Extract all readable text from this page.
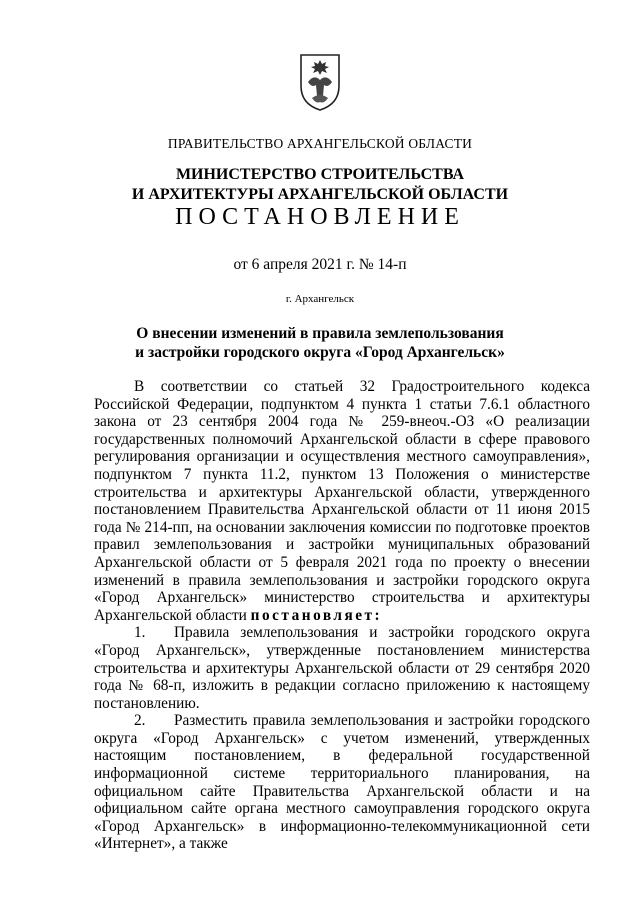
ПРАВИТЕЛЬСТВО АРХАНГЕЛЬСКОЙ ОБЛАСТИ
МИНИСТЕРСТВО СТРОИТЕЛЬСТВА
И АРХИТЕКТУРЫ АРХАНГЕЛЬСКОЙ ОБЛАСТИ
ПОСТАНОВЛЕНИЕ
от 6 апреля 2021 г. № 14-п
г. Архангельск
О внесении изменений в правила землепользования
и застройки городского округа «Город Архангельск»

В соответствии со статьей 32 Градостроительного кодекса Российской Федерации, подпунктом 4 пункта 1 статьи 7.6.1 областного закона от 23 сентября 2004 года № 259-внеоч.-ОЗ «О реализации государственных полномочий Архангельской области в сфере правового регулирования организации и осуществления местного самоуправления», подпунктом 7 пункта 11.2, пунктом 13 Положения о министерстве строительства и архитектуры Архангельской области, утвержденного постановлением Правительства Архангельской области от 11 июня 2015 года № 214-пп, на основании заключения комиссии по подготовке проектов правил землепользования и застройки муниципальных образований Архангельской области от 5 февраля 2021 года по проекту о внесении изменений в правила землепользования и застройки городского округа «Город Архангельск» министерство строительства и архитектуры Архангельской области постановляет:

1. Правила землепользования и застройки городского округа «Город Архангельск», утвержденные постановлением министерства строительства и архитектуры Архангельской области от 29 сентября 2020 года № 68-п, изложить в редакции согласно приложению к настоящему постановлению.

2. Разместить правила землепользования и застройки городского округа «Город Архангельск» с учетом изменений, утвержденных настоящим постановлением, в федеральной государственной информационной системе территориального планирования, на официальном сайте Правительства Архангельской области и на официальном сайте органа местного самоуправления городского округа «Город Архангельск» в информационно-телекоммуникационной сети «Интернет», а также
